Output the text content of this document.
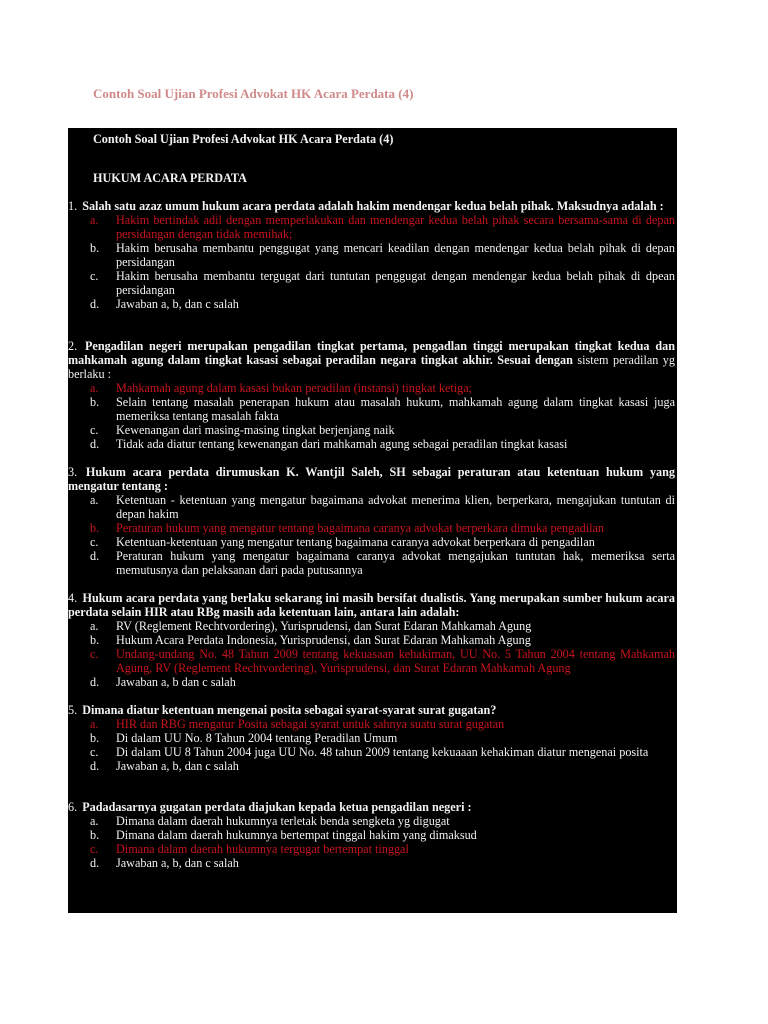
Contoh Soal Ujian Profesi Advokat HK Acara Perdata (4)
Contoh Soal Ujian Profesi Advokat HK Acara Perdata (4)
HUKUM ACARA PERDATA
1. Salah satu azaz umum hukum acara perdata adalah hakim mendengar kedua belah pihak. Maksudnya adalah :
a.	Hakim bertindak adil dengan memperlakukan dan mendengar kedua belah pihak secara bersama-sama di depan persidangan dengan tidak memihak;
b.	Hakim berusaha membantu penggugat yang mencari keadilan dengan mendengar kedua belah pihak di depan persidangan
c.	Hakim berusaha membantu tergugat dari tuntutan penggugat dengan mendengar kedua belah pihak di dpean persidangan
d.	Jawaban a, b, dan c salah
2. Pengadilan negeri merupakan pengadilan tingkat pertama, pengadlan tinggi merupakan tingkat kedua dan mahkamah agung dalam tingkat kasasi sebagai peradilan negara tingkat akhir. Sesuai dengan sistem peradilan yg berlaku :
a.	Mahkamah agung dalam kasasi bukan peradilan (instansi) tingkat ketiga;
b.	Selain tentang masalah penerapan hukum atau masalah hukum, mahkamah agung dalam tingkat kasasi juga memeriksa tentang masalah fakta
c.	Kewenangan dari masing-masing tingkat berjenjang naik
d.	Tidak ada diatur tentang kewenangan dari mahkamah agung sebagai peradilan tingkat kasasi
3. Hukum acara perdata dirumuskan K. Wantjil Saleh, SH sebagai peraturan atau ketentuan hukum yang mengatur tentang :
a.	Ketentuan - ketentuan yang mengatur bagaimana advokat menerima klien, berperkara, mengajukan tuntutan di depan hakim
b.	Peraturan hukum yang mengatur tentang bagaimana caranya advokat berperkara dimuka pengadilan
c.	Ketentuan-ketentuan yang mengatur tentang bagaimana caranya advokat berperkara di pengadilan
d.	Peraturan hukum yang mengatur bagaimana caranya advokat mengajukan tuntutan hak, memeriksa serta memutusnya dan pelaksanan dari pada putusannya
4. Hukum acara perdata yang berlaku sekarang ini masih bersifat dualistis. Yang merupakan sumber hukum acara perdata selain HIR atau RBg masih ada ketentuan lain, antara lain adalah:
a.	RV (Reglement Rechtvordering), Yurisprudensi, dan Surat Edaran Mahkamah Agung
b.	Hukum Acara Perdata Indonesia, Yurisprudensi, dan Surat Edaran Mahkamah Agung
c.	Undang-undang No. 48 Tahun 2009 tentang kekuasaan kehakiman, UU No. 5 Tahun 2004 tentang Mahkamah Agung, RV (Reglement Rechtvordering), Yurisprudensi, dan Surat Edaran Mahkamah Agung
d.	Jawaban a, b dan c salah
5. Dimana diatur ketentuan mengenai posita sebagai syarat-syarat surat gugatan?
a.	HIR dan RBG mengatur Posita sebagai syarat untuk sahnya suatu surat gugatan
b.	Di dalam UU No. 8 Tahun 2004 tentang Peradilan Umum
c.	Di dalam UU 8 Tahun 2004 juga UU No. 48 tahun 2009 tentang kekuaaan kehakiman diatur mengenai posita
d.	Jawaban a, b, dan c salah
6. Padadasarnya gugatan perdata diajukan kepada ketua pengadilan negeri :
a.	Dimana dalam daerah hukumnya terletak benda sengketa yg digugat
b.	Dimana dalam daerah hukumnya bertempat tinggal hakim yang dimaksud
c.	Dimana dalam daerah hukumnya tergugat bertempat tinggal
d.	Jawaban a, b, dan c salah
